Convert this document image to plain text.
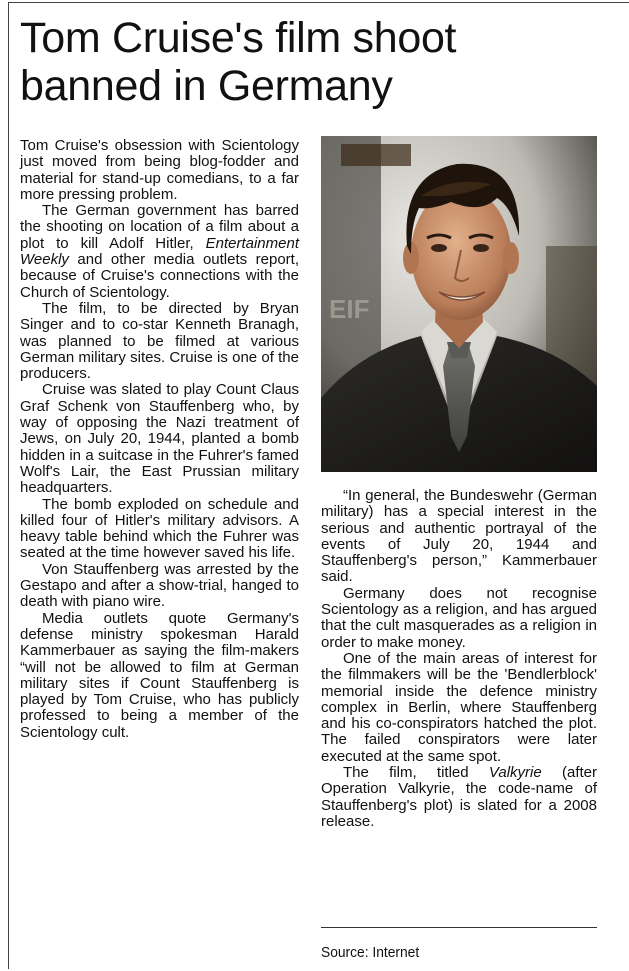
Tom Cruise's film shoot
banned in Germany

Tom Cruise's obsession with Scientology just moved from being blog-fodder and material for stand-up comedians, to a far more pressing problem.

The German government has barred the shooting on location of a film about a plot to kill Adolf Hitler, Entertainment Weekly and other media outlets report, because of Cruise's connections with the Church of Scientology.

The film, to be directed by Bryan Singer and to co-star Kenneth Branagh, was planned to be filmed at various German military sites. Cruise is one of the producers.

Cruise was slated to play Count Claus Graf Schenk von Stauffenberg who, by way of opposing the Nazi treatment of Jews, on July 20, 1944, planted a bomb hidden in a suitcase in the Fuhrer's famed Wolf's Lair, the East Prussian military headquarters.

The bomb exploded on schedule and killed four of Hitler's military advisors. A heavy table behind which the Fuhrer was seated at the time however saved his life.

Von Stauffenberg was arrested by the Gestapo and after a show-trial, hanged to death with piano wire.

Media outlets quote Germany's defense ministry spokesman Harald Kammerbauer as saying the film-makers “will not be allowed to film at German military sites if Count Stauffenberg is played by Tom Cruise, who has publicly professed to being a member of the Scientology cult.

EIF

“In general, the Bundeswehr (German military) has a special interest in the serious and authentic portrayal of the events of July 20, 1944 and Stauffenberg's person,” Kammerbauer said.

Germany does not recognise Scientology as a religion, and has argued that the cult masquerades as a religion in order to make money.

One of the main areas of interest for the filmmakers will be the 'Bendlerblock' memorial inside the defence ministry complex in Berlin, where Stauffenberg and his co-conspirators hatched the plot. The failed conspirators were later executed at the same spot.

The film, titled Valkyrie (after Operation Valkyrie, the code-name of Stauffenberg's plot) is slated for a 2008 release.

Source: Internet
